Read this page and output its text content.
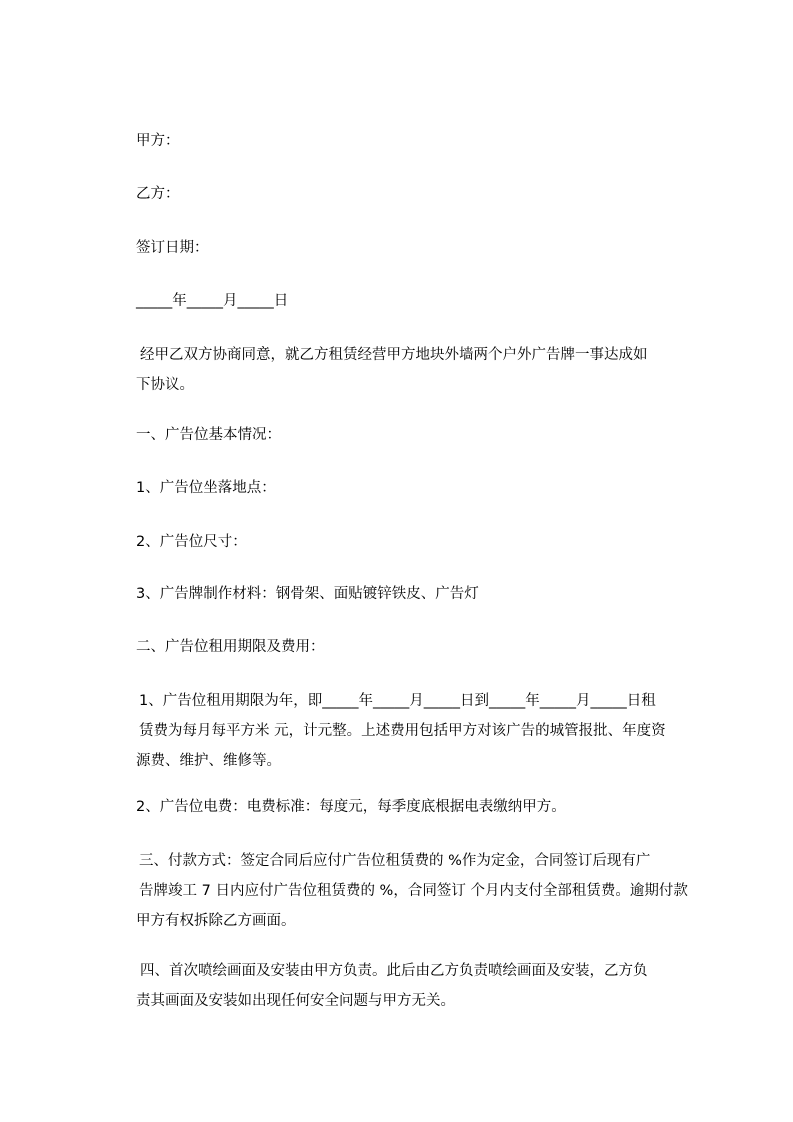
甲方：
乙方：
签订日期：
_____年_____月_____日
经甲乙双方协商同意，就乙方租赁经营甲方地块外墙两个户外广告牌一事达成如
下协议。
一、广告位基本情况：
1、广告位坐落地点：
2、广告位尺寸：
3、广告牌制作材料：钢骨架、面贴镀锌铁皮、广告灯
二、广告位租用期限及费用：
1、广告位租用期限为年，即_____年_____月_____日到_____年_____月_____日租
赁费为每月每平方米 元，计元整。上述费用包括甲方对该广告的城管报批、年度资
源费、维护、维修等。
2、广告位电费：电费标准：每度元，每季度底根据电表缴纳甲方。
三、付款方式：签定合同后应付广告位租赁费的 %作为定金，合同签订后现有广
告牌竣工 7 日内应付广告位租赁费的 %，合同签订 个月内支付全部租赁费。逾期付款
甲方有权拆除乙方画面。
四、首次喷绘画面及安装由甲方负责。此后由乙方负责喷绘画面及安装，乙方负
责其画面及安装如出现任何安全问题与甲方无关。
